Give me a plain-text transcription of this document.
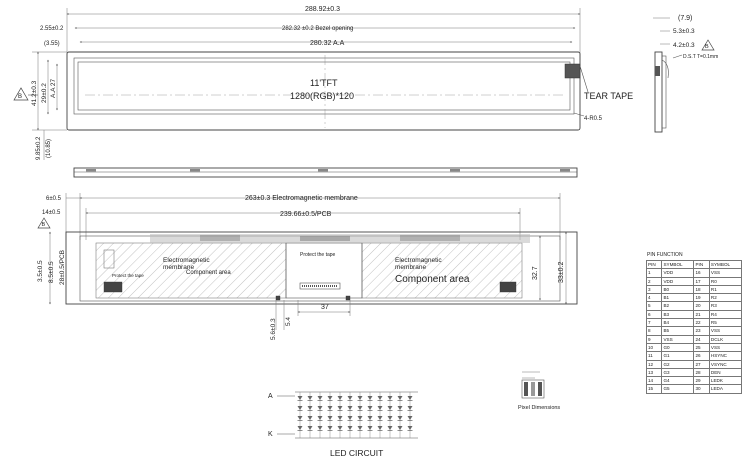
288.92±0.3
2.55±0.2	282.32 ±0.2 Bezel opening
(3.55)	280.32 A.A
11'TFT
1280(RGB)*120	TEAR TAPE
4-R0.5
41.2±0.3 29±0.2 A.A 27
9.85±0.2 (10.85)
B
(7.9)
5.3±0.3
4.2±0.3 B
D.S.T T=0.1mm
6±0.5	263±0.3 Electromagnetic membrane
14±0.5	239.66±0.5/PCB
B
Electromagnetic
membrane
Component area
Protect the tape
Protect the tape
Electromagnetic
membrane
Component area
28±0.5/PCB
3.5±0.5 8.5±0.5	32.7	33±0.2
5.6±0.3 5.4
37
A
K
LED CIRCUIT
Pixel Dimensions
PIN FUNCTION
PIN	SYMBOL	PIN	SYMBOL
1	VDD	16	VSS
2	VDD	17	R0
3	B0	18	R1
4	B1	19	R2
5	B2	20	R3
6	B3	21	R4
7	B4	22	R5
8	B5	23	VSS
9	VSS	24	DCLK
10	G0	25	VSS
11	G1	26	HSYNC
12	G2	27	VSYNC
13	G3	28	DEN
14	G4	29	LEDK
15	G5	30	LEDA
